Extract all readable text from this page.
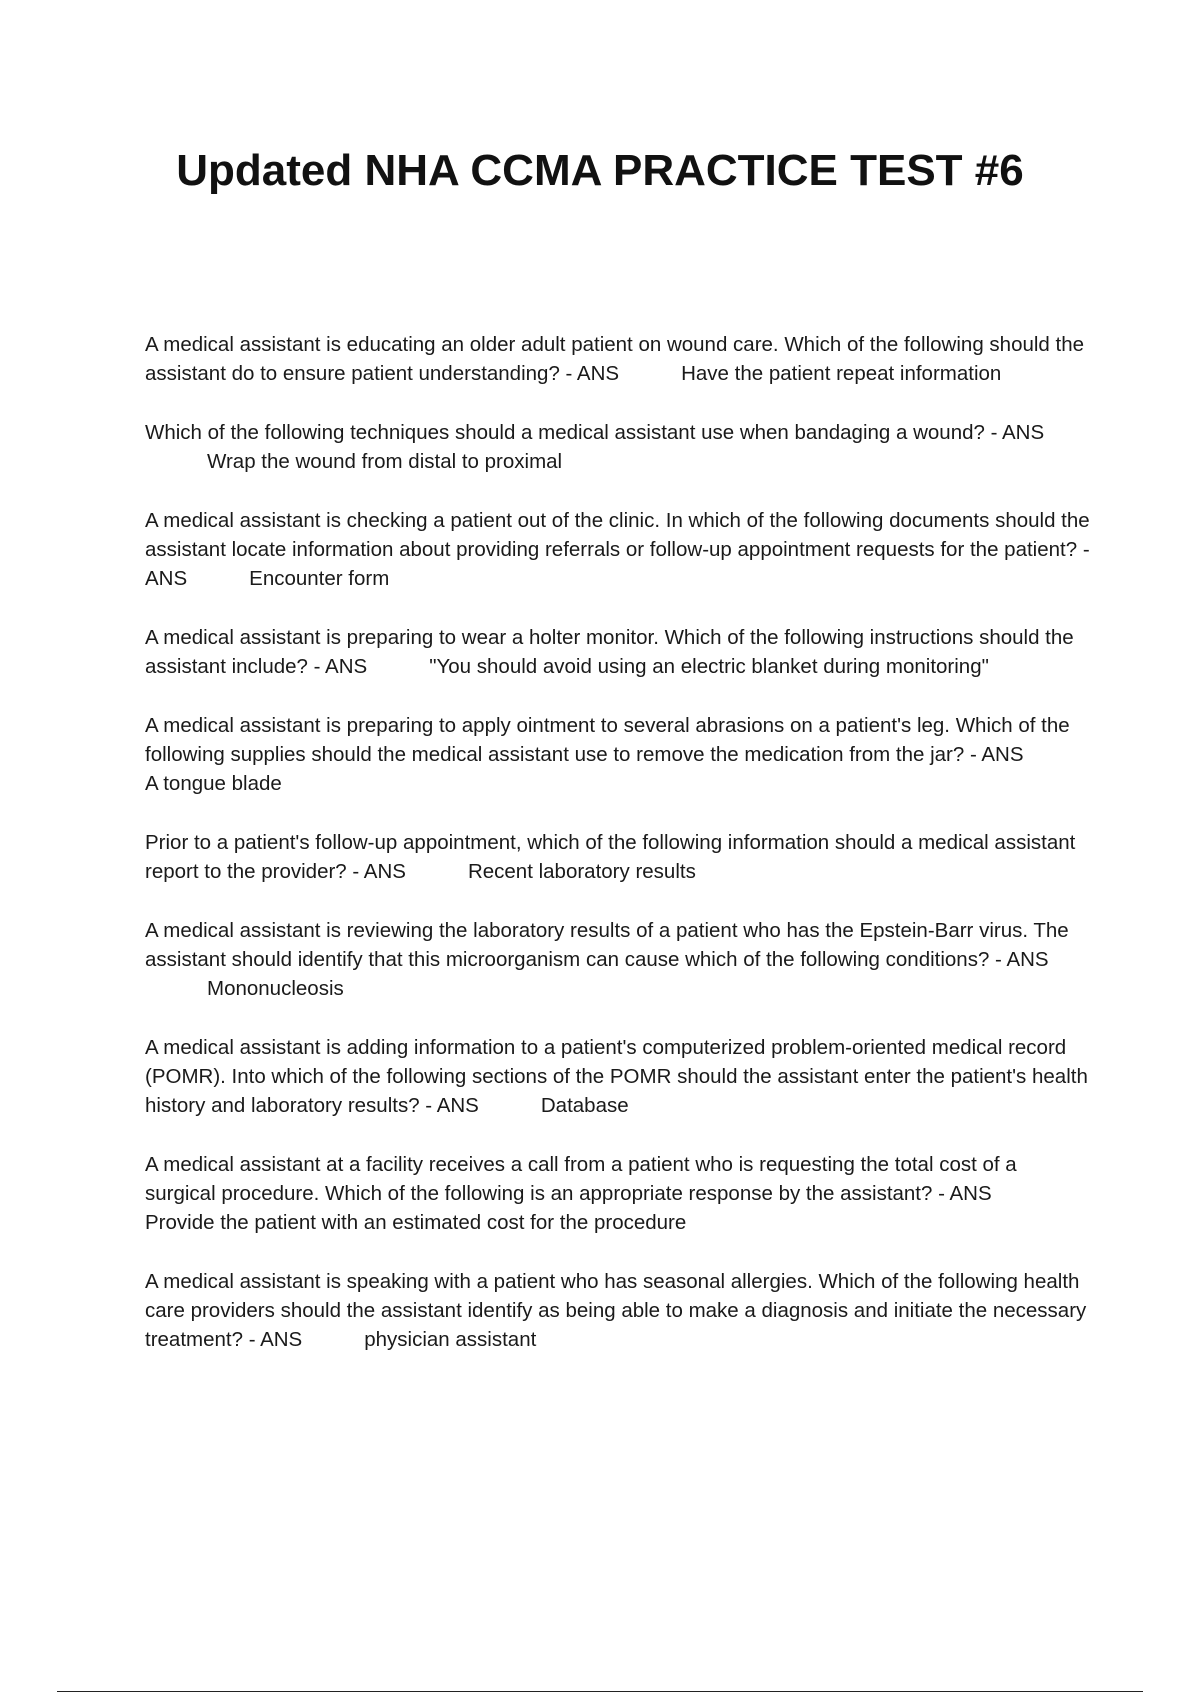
Updated NHA CCMA PRACTICE TEST #6
A medical assistant is educating an older adult patient on wound care. Which of the following should the assistant do to ensure patient understanding? - ANS	Have the patient repeat information
Which of the following techniques should a medical assistant use when bandaging a wound? - ANSWrap the wound from distal to proximal
A medical assistant is checking a patient out of the clinic. In which of the following documents should the assistant locate information about providing referrals or follow-up appointment requests for the patient? - ANS	Encounter form
A medical assistant is preparing to wear a holter monitor. Which of the following instructions should the assistant include? - ANS	"You should avoid using an electric blanket during monitoring"
A medical assistant is preparing to apply ointment to several abrasions on a patient's leg. Which of the following supplies should the medical assistant use to remove the medication from the jar? - ANSA tongue blade
Prior to a patient's follow-up appointment, which of the following information should a medical assistant report to the provider? - ANS	Recent laboratory results
A medical assistant is reviewing the laboratory results of a patient who has the Epstein-Barr virus. The assistant should identify that this microorganism can cause which of the following conditions? - ANSMononucleosis
A medical assistant is adding information to a patient's computerized problem-oriented medical record (POMR). Into which of the following sections of the POMR should the assistant enter the patient's health history and laboratory results? - ANS	Database
A medical assistant at a facility receives a call from a patient who is requesting the total cost of a surgical procedure. Which of the following is an appropriate response by the assistant? - ANSProvide the patient with an estimated cost for the procedure
A medical assistant is speaking with a patient who has seasonal allergies. Which of the following health care providers should the assistant identify as being able to make a diagnosis and initiate the necessary treatment? - ANS	physician assistant
